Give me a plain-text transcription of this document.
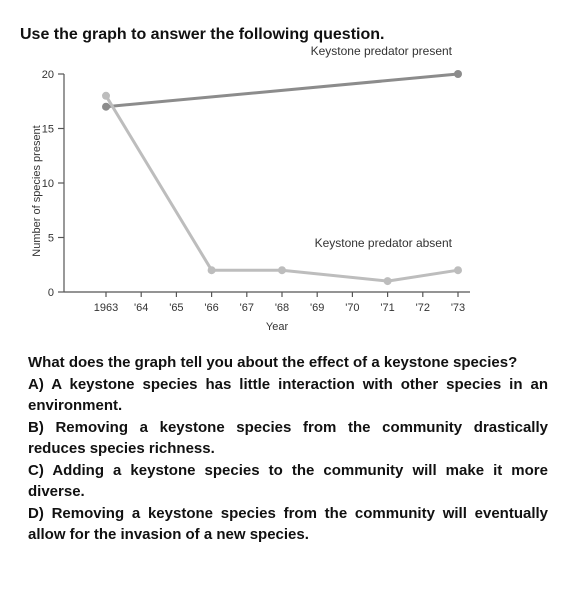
Use the graph to answer the following question.
0
5
10
15
20
1963 '64 '65 '66 '67 '68 '69 '70 '71 '72 '73
Year
Number of species present
Keystone predator present
Keystone predator absent

What does the graph tell you about the effect of a keystone species?

A) A keystone species has little interaction with other species in an environment.

B) Removing a keystone species from the community drastically reduces species richness.

C) Adding a keystone species to the community will make it more diverse.

D) Removing a keystone species from the community will eventually allow for the invasion of a new species.
